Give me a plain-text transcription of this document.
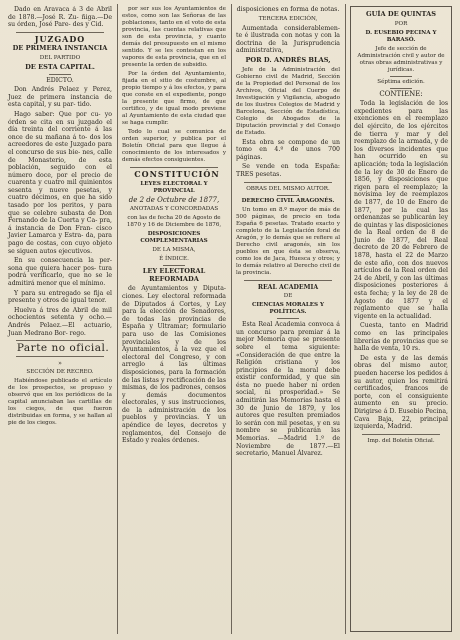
Dado en Aravaca á 3 de Abril de 1878.—José R. Zu- ñiga.—De su órden, José Pare- des y Cid.

JUZGADO

DE PRIMERA INSTANCIA

DEL PARTIDO

DE ESTA CAPITAL.

EDICTO.

Don Andrés Pelaez y Perez, Juez de primera instancia de esta capital, y su par- tido.

Hago saber: Que por cu- yo órden se cita en su juzgado el día treinta del corriente á las once de su mañana á to- dos los acreedores de este Juzgado para el concurso de sus bie- nes, calle de Monasterio, de esta población, seguido con el número doce, por el precio de cuarenta y cuatro mil quinientos sesenta y nueve pesetas, y cuatro décimos, en que ha sido tasado por los peritos, y para que se celebre subasta de Don Fernando de la Cuerta y Ca- pra, á instancia de Don Fran- cisco Javier Lamarca y Estra- da, para pago de costas, con cuyo objeto se siguen autos ejecutivos.

En su consecuencia la per- sona que quiera hacer pos- tura podrá verificarlo, que no se le admitirá menor que el mínimo.

Y para su entregado se fija el presente y otros de igual tenor.

Huelva á tres de Abril de mil ochocientos setenta y ocho.—Andrés Pelaez.—El actuario, Juan Medrano Bor- rego.

Parte no oficial.

»

SECCIÓN DE RECREO.

Habiéndose publicado el artículo de los prospectos, se propuso y observó que en los periódicos de la capital anunciaban las cartillas de los ciegos, de que fueron distribuidas en forma, y se hallan al pie de los ciegos.

por ser sus los Ayuntamientos de estos, como son las Señoras de las poblaciones, tanto en el voto de esta provincia, las cuentas relativas que son de esta provincia, y cuanto demás del presupuesto en el mismo sentido. Y se les contestan en los vapores de esta provincia, que en el presente la orden de subsidio.

Por la órden del Ayuntamiento, fijada en el sitio de costumbre, al propio tiempo y á los efectos, y para que conste en el expediente, pongo la presente que firmo, de que certifico, y de igual modo previene al Ayuntamiento de esta ciudad que se haga cumplir.

Todo lo cual se comunica de orden superior, y publica por el Boletín Oficial para que llegue á conocimiento de los interesados y demás efectos consiguientes.

CONSTITUCIÓN

LEYES ELECTORAL Y PROVINCIAL

de 2 de Octubre de 1877,

ANOTADAS Y CONCORDADAS

con las de fecha 20 de Agosto de 1870 y 16 de Diciembre de 1876,

DISPOSICIONES COMPLEMENTARIAS

DE LA MISMA,

É ÍNDICE.

LEY ELECTORAL REFORMADA

de Ayuntamientos y Diputa- ciones. Ley electoral reformada de Diputados á Cortes, y Ley para la elección de Senadores, de todas las provincias de España y Ultramar; formulario para uso de las Comisiones provinciales y de los Ayuntamientos, á la vez que el electoral del Congreso, y con arreglo á las últimas disposiciones, para la formación de las listas y rectificación de las mismas, de los padrones, censos y demás documentos electorales, y sus instrucciones, de la administración de los pueblos y provincias. Y un apéndice de leyes, decretos y reglamentos, del Consejo de Estado y reales órdenes.

disposiciones en forma de notas.

TERCERA EDICIÓN,

Aumentada considerablemen- te é ilustrada con notas y con la doctrina de la Jurisprudencia administrativa,

POR D. ANDRÉS BLAS,

Jefe de la Administración del Gobierno civil de Madrid, Sección de la Propiedad del Personal de los Archivos, Oficial del Cuerpo de Investigación y Vigilancia, abogado de los ilustres Colegios de Madrid y Barcelona, Sección de Estadística, Colegio de Abogados de la Diputación provincial y del Consejo de Estado.

Esta obra se compone de un tomo en 4.º de unos 700 páginas.

Se vende en toda España: TRES pesetas.

OBRAS DEL MISMO AUTOR.

DERECHO CIVIL ARAGONÉS.

Un tomo en 8.º mayor de más de 500 páginas, de precio en toda España 6 pesetas. Tratado exacto y completo de la Legislación foral de Aragón, y lo demás que se refiere al Derecho civil aragonés, sin los pueblos en que ésta se observa, como los de Jaca, Huesca y otros; y lo demás relativo al Derecho civil de la provincia.

REAL ACADEMIA

DE

CIENCIAS MORALES Y POLÍTICAS.

Esta Real Academia convoca á un concurso para premiar á la mejor Memoria que se presente sobre el tema siguiente: «Consideración de que entre la Religión cristiana y los principios de la moral debe existir conformidad, y que sin ésta no puede haber ni orden social, ni prosperidad.» Se admitirán las Memorias hasta el 30 de Junio de 1879, y los autores que resulten premiados lo serán con mil pesetas, y en su nombre se publicarán las Memorias. —Madrid 1.º de Noviembre de 1877.—El secretario, Manuel Álvarez.

GUÍA DE QUINTAS

POR

D. EUSEBIO PECINA Y BARASÓ.

Jefe de sección de Administración civil y autor de otras obras administrativas y jurídicas.

Séptima edición.

CONTIENE:

Toda la legislación de los expedientes para las exenciones en el reemplazo del ejército, de los ejércitos de tierra y mar y del reemplazo de la armada, y de los diversos incidentes que han ocurrido en su aplicación; toda la legislación de la ley de 30 de Enero de 1856, y disposiciones que rigen para el reemplazo; la novísima ley de reemplazos de 1877, de 10 de Enero de 1877, por la cual las ordenanzas se publicarán ley de quintas y las disposiciones de la Real orden de 8 de Junio de 1877, del Real decreto de 20 de Febrero de 1878, hasta el 22 de Marzo de este año, con dos nuevos artículos de la Real orden del 24 de Abril, y con las últimas disposiciones posteriores á esta fecha; y la ley de 28 de Agosto de 1877 y el reglamento que se halla vigente en la actualidad.

Cuesta, tanto en Madrid como en las principales librerías de provincias que se halla de venta, 10 rs.

De esta y de las demás obras del mismo autor, pueden hacerse los pedidos á su autor, quien los remitirá certificados, francos de porte, con el consiguiente aumento en su precio. Dirigirse á D. Eusebio Pecina, Cava Baja, 22, principal izquierda, Madrid.

Imp. del Boletín Oficial.
